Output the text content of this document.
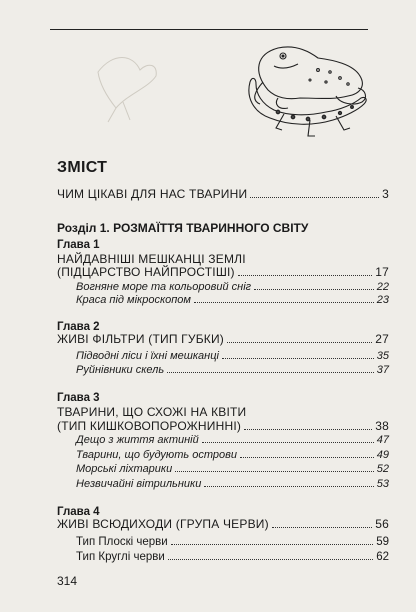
ЗМІСТ
ЧИМ ЦІКАВІ ДЛЯ НАС ТВАРИНИ	3
Розділ 1. РОЗМАЇТТЯ ТВАРИННОГО СВІТУ
Глава 1
НАЙДАВНІШІ МЕШКАНЦІ ЗЕМЛІ
(ПІДЦАРСТВО НАЙПРОСТІШІ)	17
Вогняне море та кольоровий сніг	22
Краса під мікроскопом	23
Глава 2
ЖИВІ ФІЛЬТРИ (ТИП ГУБКИ)	27
Підводні ліси і їхні мешканці	35
Руйнівники скель	37
Глава 3
ТВАРИНИ, ЩО СХОЖІ НА КВІТИ
(ТИП КИШКОВОПОРОЖНИННІ)	38
Дещо з життя актиній	47
Тварини, що будують острови	49
Морські ліхтарики	52
Незвичайні вітрильники	53
Глава 4
ЖИВІ ВСЮДИХОДИ (ГРУПА ЧЕРВИ)	56
Тип Плоскі черви	59
Тип Круглі черви	62
314
